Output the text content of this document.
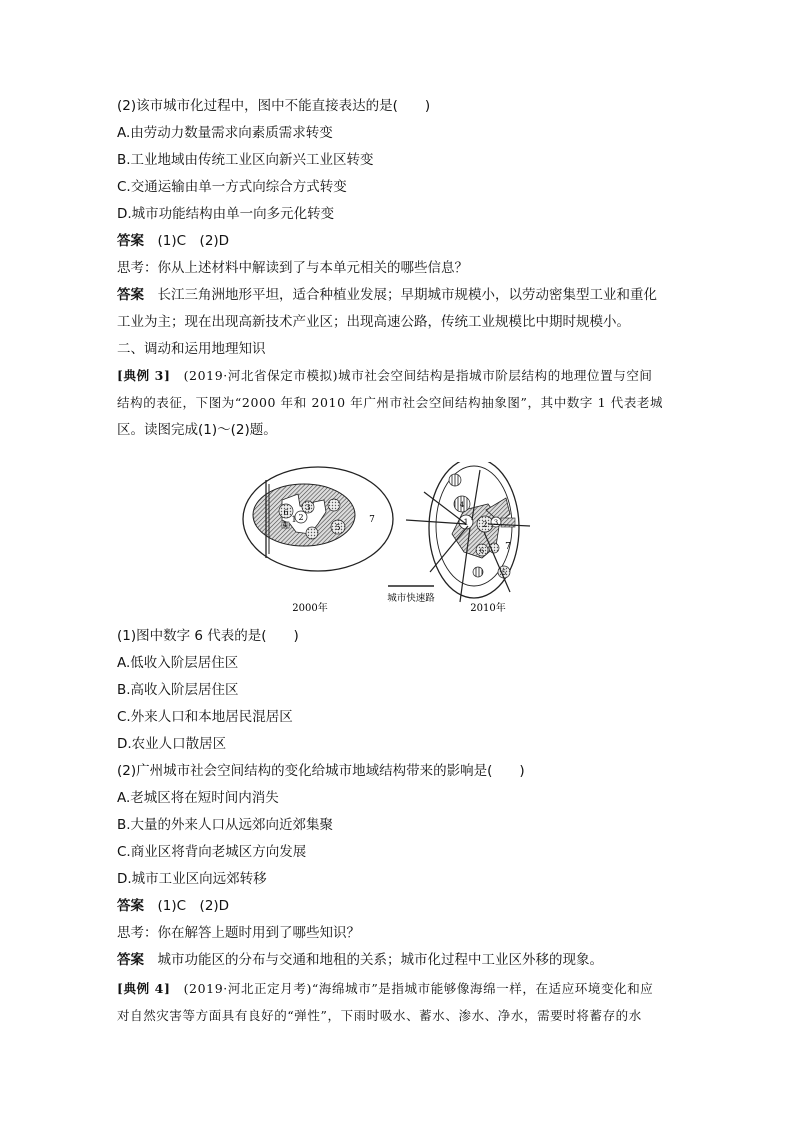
(2)该市城市化过程中，图中不能直接表达的是(　　)
A.由劳动力数量需求向素质需求转变
B.工业地域由传统工业区向新兴工业区转变
C.交通运输由单一方式向综合方式转变
D.城市功能结构由单一向多元化转变
答案　(1)C　(2)D
思考：你从上述材料中解读到了与本单元相关的哪些信息？
答案　长江三角洲地形平坦，适合种植业发展；早期城市规模小，以劳动密集型工业和重化
工业为主；现在出现高新技术产业区；出现高速公路，传统工业规模比中期时规模小。
二、调动和运用地理知识
[典例 3]　(2019·河北省保定市模拟)城市社会空间结构是指城市阶层结构的地理位置与空间
结构的表征，下图为“2000 年和 2010 年广州市社会空间结构抽象图”，其中数字 1 代表老城
区。读图完成(1)～(2)题。
6
3
2
1
5
4	7
2000年
城市快速路
1 2 3
4
5
6 7
2010年
(1)图中数字 6 代表的是(　　)
A.低收入阶层居住区
B.高收入阶层居住区
C.外来人口和本地居民混居区
D.农业人口散居区
(2)广州城市社会空间结构的变化给城市地域结构带来的影响是(　　)
A.老城区将在短时间内消失
B.大量的外来人口从远郊向近郊集聚
C.商业区将背向老城区方向发展
D.城市工业区向远郊转移
答案　(1)C　(2)D
思考：你在解答上题时用到了哪些知识？
答案　城市功能区的分布与交通和地租的关系；城市化过程中工业区外移的现象。
[典例 4]　(2019·河北正定月考)“海绵城市”是指城市能够像海绵一样，在适应环境变化和应
对自然灾害等方面具有良好的“弹性”，下雨时吸水、蓄水、渗水、净水，需要时将蓄存的水
